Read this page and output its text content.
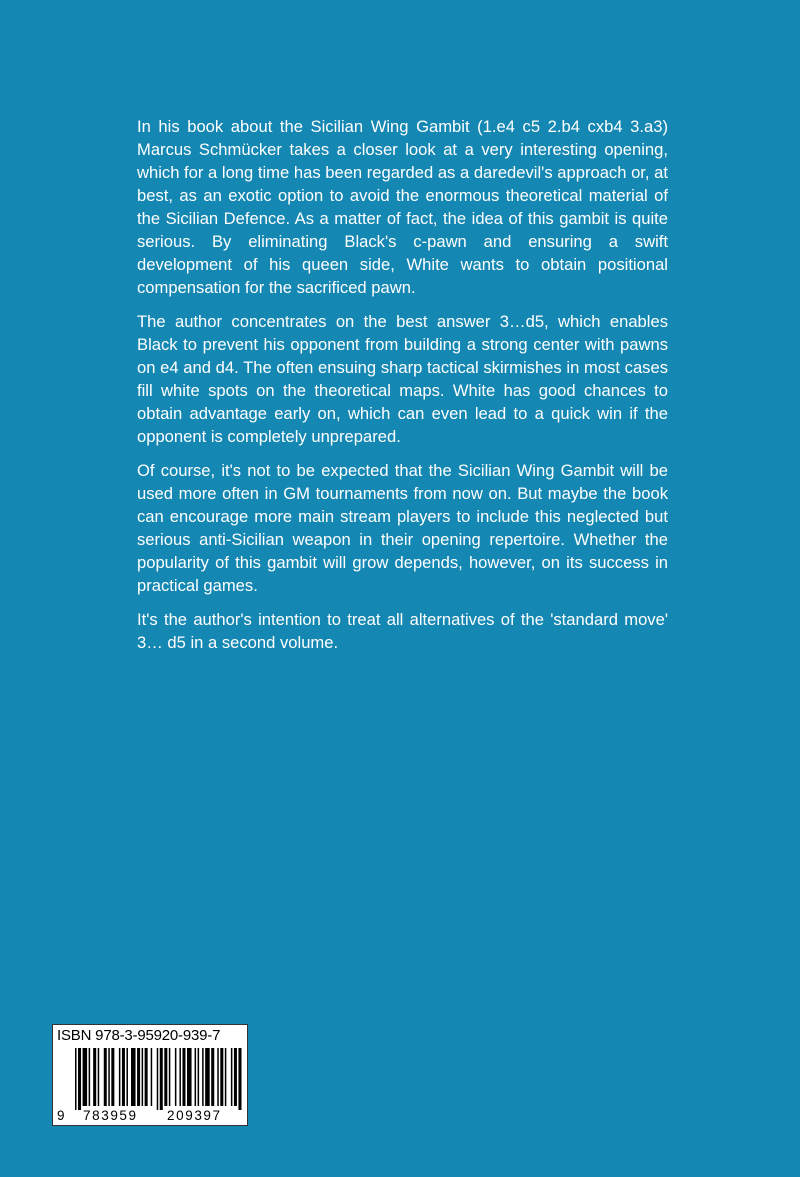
In his book about the Sicilian Wing Gambit (1.e4 c5 2.b4 cxb4 3.a3) Marcus Schmücker takes a closer look at a very interesting opening, which for a long time has been regarded as a daredevil's approach or, at best, as an exotic option to avoid the enormous theoretical material of the Sicilian Defence. As a matter of fact, the idea of this gambit is quite serious. By eliminating Black's c-pawn and ensuring a swift development of his queen side, White wants to obtain positional compensation for the sacrificed pawn.

The author concentrates on the best answer 3…d5, which enables Black to prevent his opponent from building a strong center with pawns on e4 and d4. The often ensuing sharp tactical skirmishes in most cases fill white spots on the theoretical maps. White has good chances to obtain advantage early on, which can even lead to a quick win if the opponent is completely unprepared.

Of course, it's not to be expected that the Sicilian Wing Gambit will be used more often in GM tournaments from now on. But maybe the book can encourage more main stream players to include this neglected but serious anti-Sicilian weapon in their opening repertoire. Whether the popularity of this gambit will grow depends, however, on its success in practical games.

It's the author's intention to treat all alternatives of the 'standard move' 3… d5 in a second volume.

ISBN 978-3-95920-939-7
9 783959 209397
